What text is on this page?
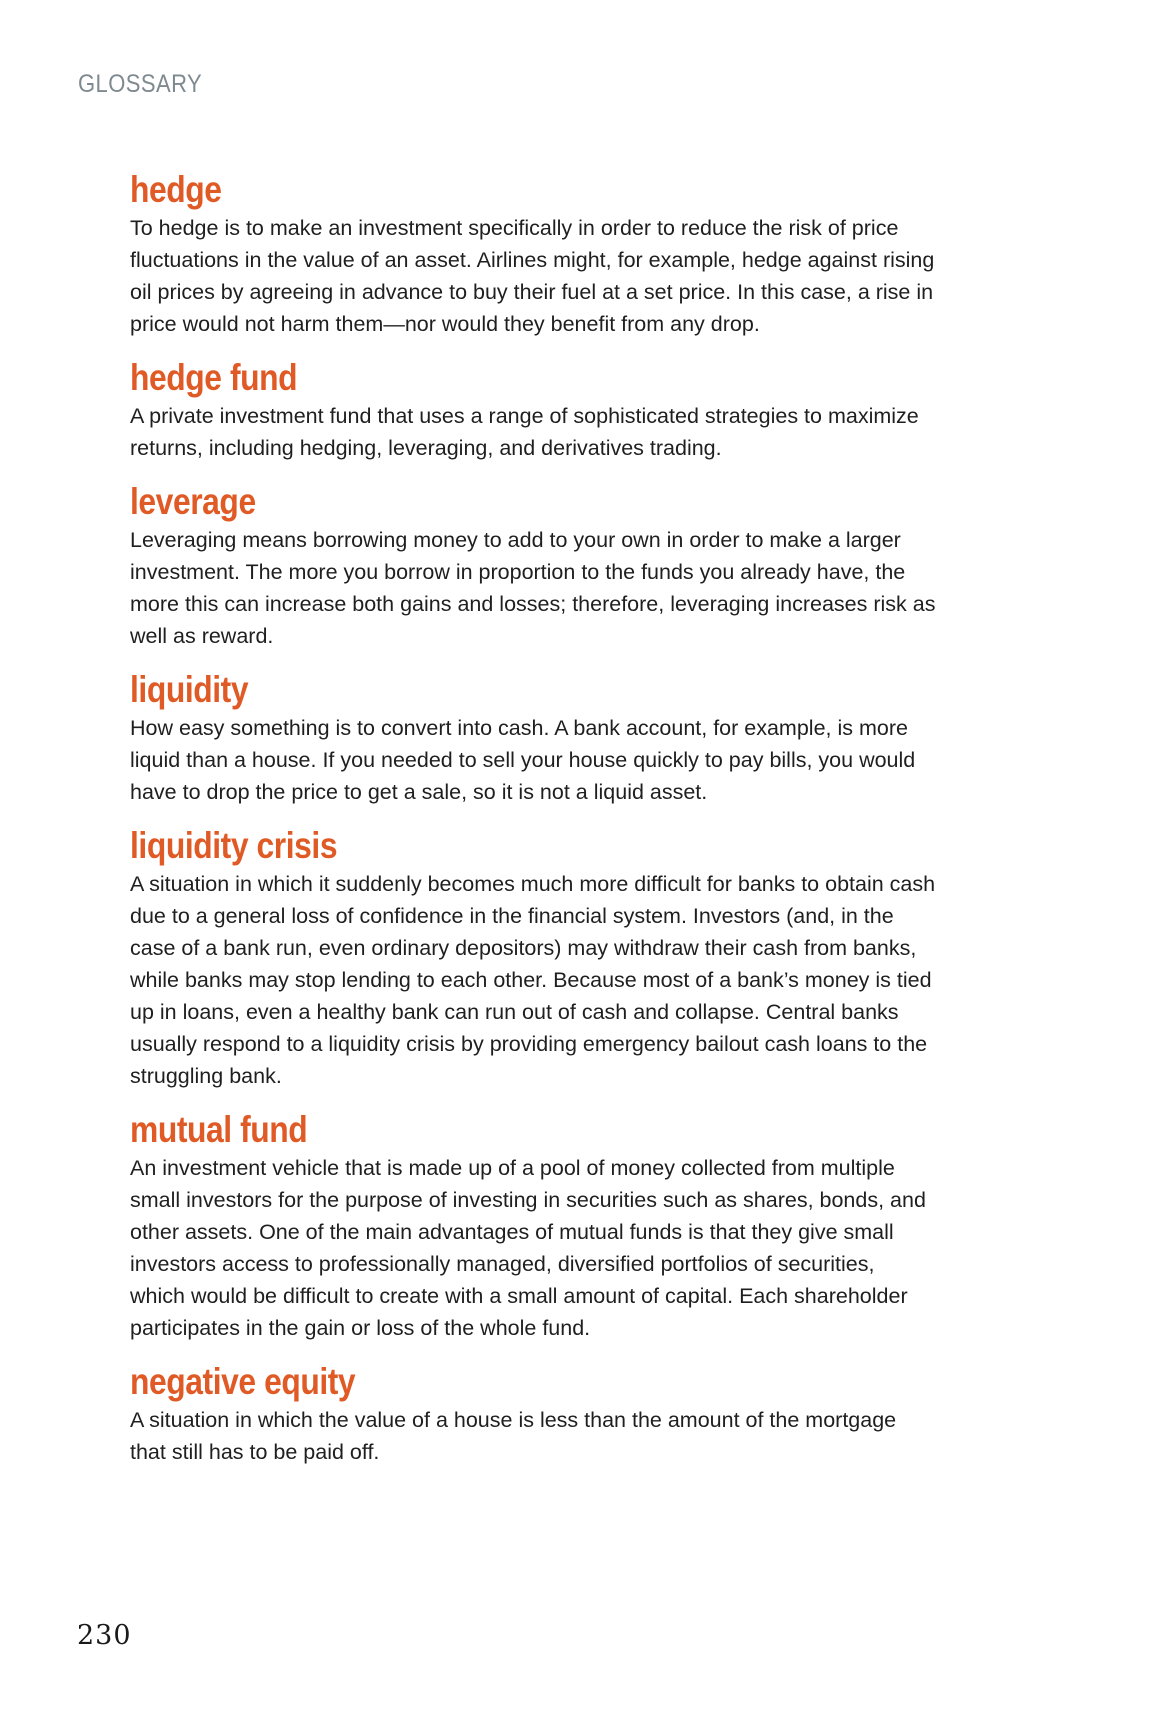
GLOSSARY
hedge

To hedge is to make an investment specifically in order to reduce the risk of price
fluctuations in the value of an asset. Airlines might, for example, hedge against rising
oil prices by agreeing in advance to buy their fuel at a set price. In this case, a rise in
price would not harm them—nor would they benefit from any drop.

hedge fund

A private investment fund that uses a range of sophisticated strategies to maximize
returns, including hedging, leveraging, and derivatives trading.

leverage

Leveraging means borrowing money to add to your own in order to make a larger
investment. The more you borrow in proportion to the funds you already have, the
more this can increase both gains and losses; therefore, leveraging increases risk as
well as reward.

liquidity

How easy something is to convert into cash. A bank account, for example, is more
liquid than a house. If you needed to sell your house quickly to pay bills, you would
have to drop the price to get a sale, so it is not a liquid asset.

liquidity crisis

A situation in which it suddenly becomes much more difficult for banks to obtain cash
due to a general loss of confidence in the financial system. Investors (and, in the
case of a bank run, even ordinary depositors) may withdraw their cash from banks,
while banks may stop lending to each other. Because most of a bank’s money is tied
up in loans, even a healthy bank can run out of cash and collapse. Central banks
usually respond to a liquidity crisis by providing emergency bailout cash loans to the
struggling bank.

mutual fund

An investment vehicle that is made up of a pool of money collected from multiple
small investors for the purpose of investing in securities such as shares, bonds, and
other assets. One of the main advantages of mutual funds is that they give small
investors access to professionally managed, diversified portfolios of securities,
which would be difficult to create with a small amount of capital. Each shareholder
participates in the gain or loss of the whole fund.

negative equity

A situation in which the value of a house is less than the amount of the mortgage
that still has to be paid off.

230
